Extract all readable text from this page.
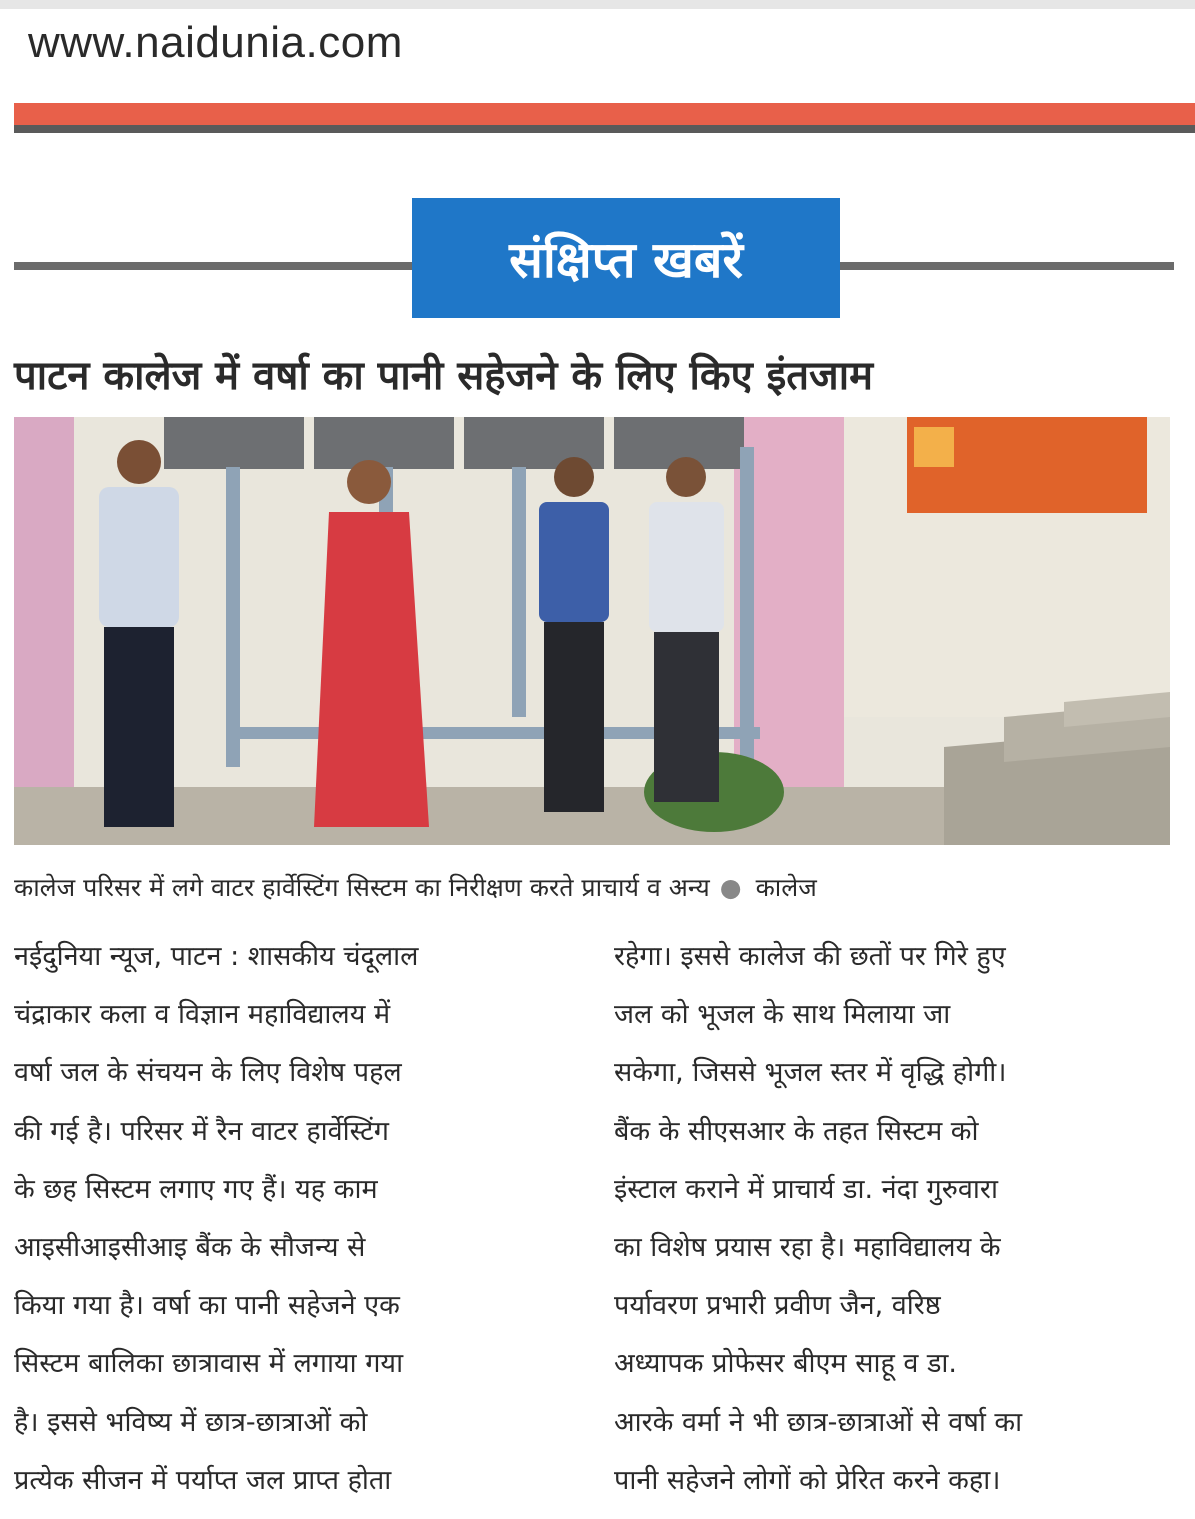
www.naidunia.com
संक्षिप्त खबरें
पाटन कालेज में वर्षा का पानी सहेजने के लिए किए इंतजाम
कालेज परिसर में लगे वाटर हार्वेस्टिंग सिस्टम का निरीक्षण करते प्राचार्य व अन्य ● कालेज
नईदुनिया न्यूज, पाटन : शासकीय चंदूलाल
चंद्राकार कला व विज्ञान महाविद्यालय में
वर्षा जल के संचयन के लिए विशेष पहल
की गई है। परिसर में रैन वाटर हार्वेस्टिंग
के छह सिस्टम लगाए गए हैं। यह काम
आइसीआइसीआइ बैंक के सौजन्य से
किया गया है। वर्षा का पानी सहेजने एक
सिस्टम बालिका छात्रावास में लगाया गया
है। इससे भविष्य में छात्र-छात्राओं को
प्रत्येक सीजन में पर्याप्त जल प्राप्त होता
रहेगा। इससे कालेज की छतों पर गिरे हुए
जल को भूजल के साथ मिलाया जा
सकेगा, जिससे भूजल स्तर में वृद्धि होगी।
बैंक के सीएसआर के तहत सिस्टम को
इंस्टाल कराने में प्राचार्य डा. नंदा गुरुवारा
का विशेष प्रयास रहा है। महाविद्यालय के
पर्यावरण प्रभारी प्रवीण जैन, वरिष्ठ
अध्यापक प्रोफेसर बीएम साहू व डा.
आरके वर्मा ने भी छात्र-छात्राओं से वर्षा का
पानी सहेजने लोगों को प्रेरित करने कहा।
